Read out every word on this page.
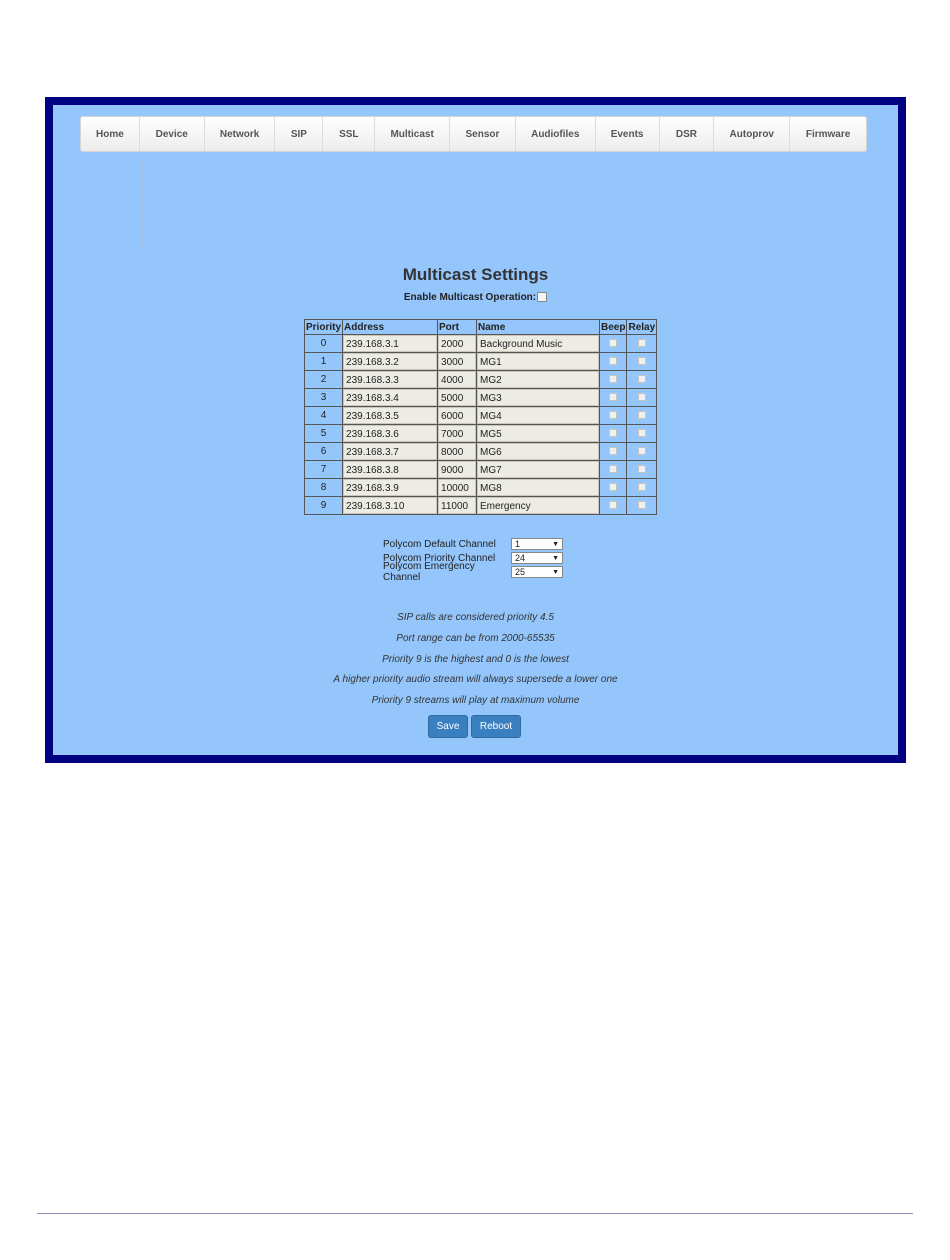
Home	Device	Network	SIP	SSL	Multicast	Sensor	Audiofiles	Events	DSR	Autoprov	Firmware
Multicast Settings
Enable Multicast Operation:
Priority	Address	Port	Name	Beep	Relay
0	239.168.3.1	2000	Background Music		

1	239.168.3.2	3000	MG1		

2	239.168.3.3	4000	MG2		

3	239.168.3.4	5000	MG3		

4	239.168.3.5	6000	MG4		

5	239.168.3.6	7000	MG5		

6	239.168.3.7	8000	MG6		

7	239.168.3.8	9000	MG7		

8	239.168.3.9	10000	MG8		

9	239.168.3.10	11000	Emergency		

Polycom Default Channel	1	▼
Polycom Priority Channel	24	▼
Polycom Emergency Channel	25	▼
SIP calls are considered priority 4.5
Port range can be from 2000-65535
Priority 9 is the highest and 0 is the lowest
A higher priority audio stream will always supersede a lower one
Priority 9 streams will play at maximum volume
Save	Reboot
